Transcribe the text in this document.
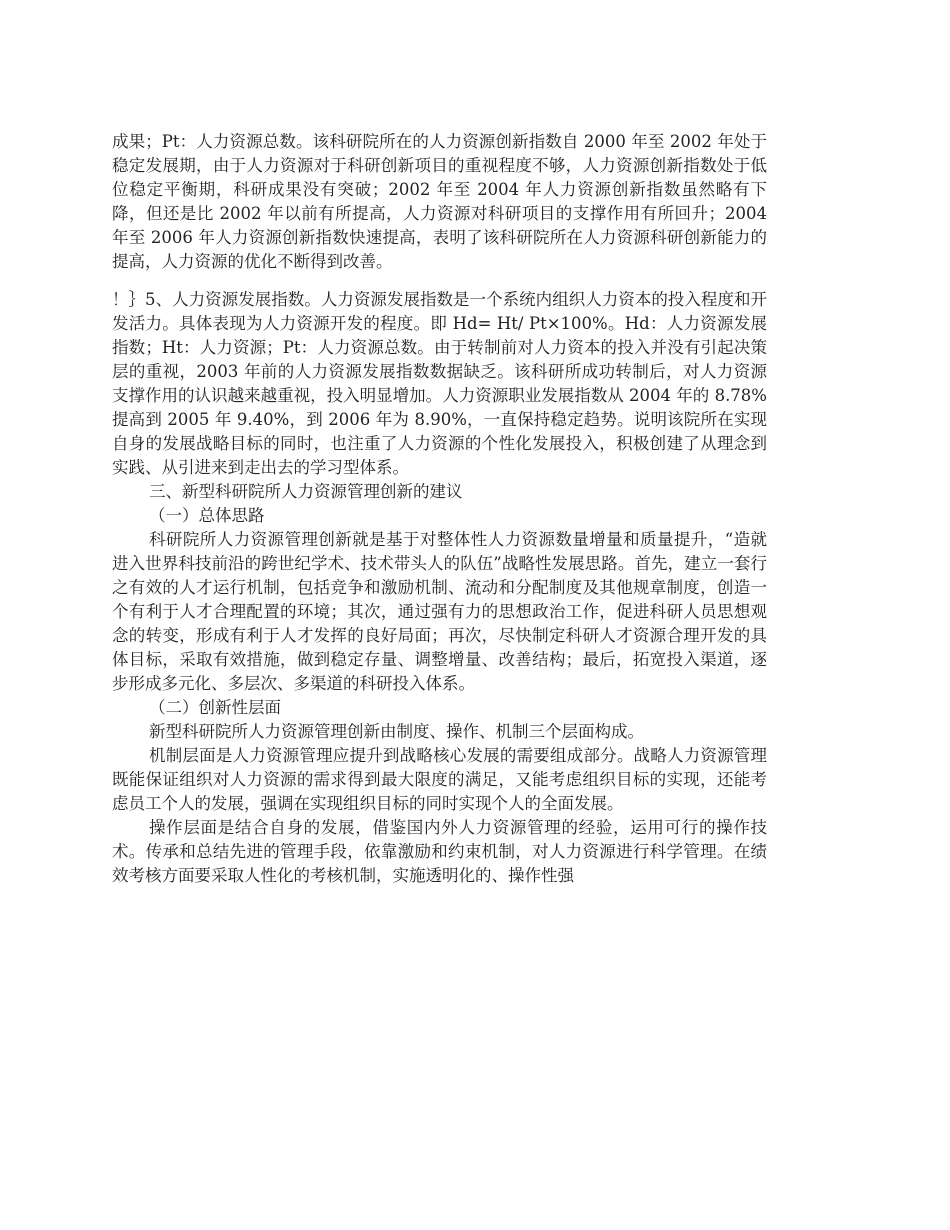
成果；Pt：人力资源总数。该科研院所在的人力资源创新指数自 2000 年至 2002 年处于稳定发展期，由于人力资源对于科研创新项目的重视程度不够，人力资源创新指数处于低位稳定平衡期，科研成果没有突破；2002 年至 2004 年人力资源创新指数虽然略有下降，但还是比 2002 年以前有所提高，人力资源对科研项目的支撑作用有所回升；2004 年至 2006 年人力资源创新指数快速提高，表明了该科研院所在人力资源科研创新能力的提高，人力资源的优化不断得到改善。

！｝5、人力资源发展指数。人力资源发展指数是一个系统内组织人力资本的投入程度和开发活力。具体表现为人力资源开发的程度。即 Hd= Ht/ Pt×100%。Hd：人力资源发展指数；Ht：人力资源；Pt：人力资源总数。由于转制前对人力资本的投入并没有引起决策层的重视，2003 年前的人力资源发展指数数据缺乏。该科研所成功转制后，对人力资源支撑作用的认识越来越重视，投入明显增加。人力资源职业发展指数从 2004 年的 8.78%提高到 2005 年 9.40%，到 2006 年为 8.90%，一直保持稳定趋势。说明该院所在实现自身的发展战略目标的同时，也注重了人力资源的个性化发展投入，积极创建了从理念到实践、从引进来到走出去的学习型体系。

三、新型科研院所人力资源管理创新的建议

（一）总体思路

科研院所人力资源管理创新就是基于对整体性人力资源数量增量和质量提升，“造就进入世界科技前沿的跨世纪学术、技术带头人的队伍”战略性发展思路。首先，建立一套行之有效的人才运行机制，包括竞争和激励机制、流动和分配制度及其他规章制度，创造一个有利于人才合理配置的环境；其次，通过强有力的思想政治工作，促进科研人员思想观念的转变，形成有利于人才发挥的良好局面；再次，尽快制定科研人才资源合理开发的具体目标，采取有效措施，做到稳定存量、调整增量、改善结构；最后，拓宽投入渠道，逐步形成多元化、多层次、多渠道的科研投入体系。

（二）创新性层面

新型科研院所人力资源管理创新由制度、操作、机制三个层面构成。

机制层面是人力资源管理应提升到战略核心发展的需要组成部分。战略人力资源管理既能保证组织对人力资源的需求得到最大限度的满足，又能考虑组织目标的实现，还能考虑员工个人的发展，强调在实现组织目标的同时实现个人的全面发展。

操作层面是结合自身的发展，借鉴国内外人力资源管理的经验，运用可行的操作技术。传承和总结先进的管理手段，依靠激励和约束机制，对人力资源进行科学管理。在绩效考核方面要采取人性化的考核机制，实施透明化的、操作性强
